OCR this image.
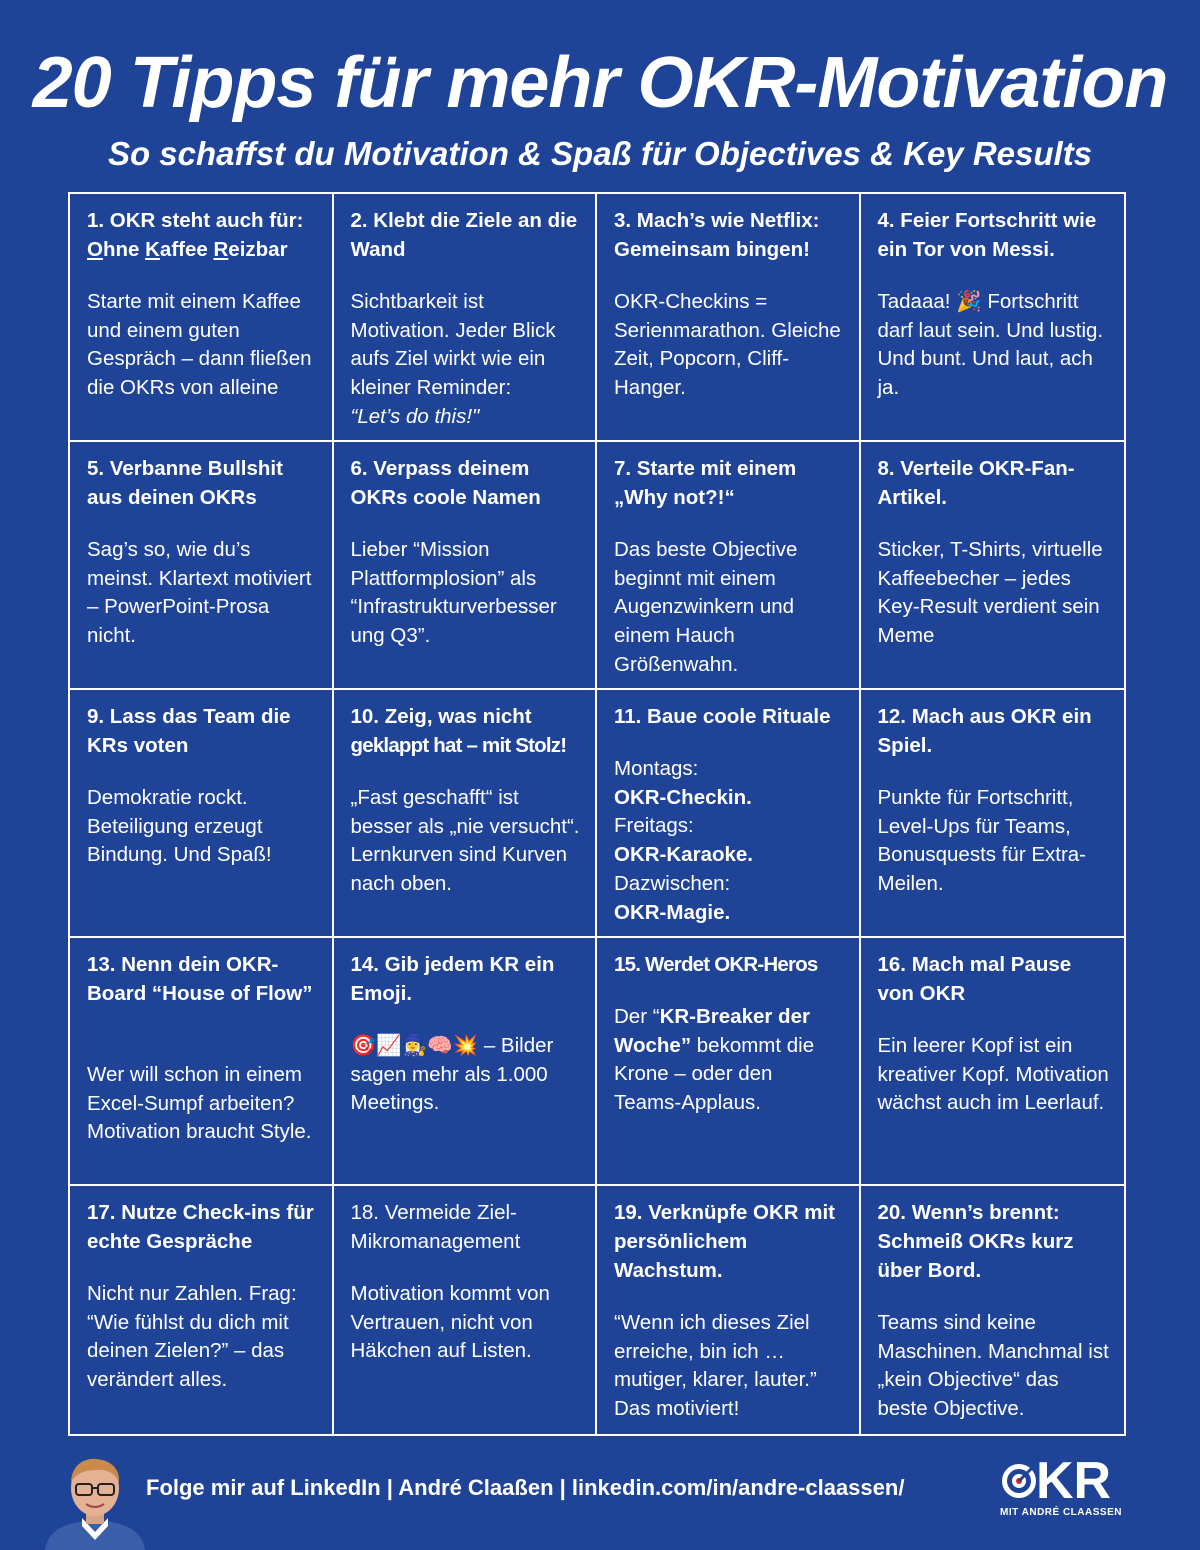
20 Tipps für mehr OKR-Motivation
So schaffst du Motivation & Spaß für Objectives & Key Results
1. OKR steht auch für:
Ohne Kaffee Reizbar
Starte mit einem Kaffee und einem guten Gespräch – dann fließen die OKRs von alleine
2. Klebt die Ziele an die Wand
Sichtbarkeit ist Motivation. Jeder Blick aufs Ziel wirkt wie ein kleiner Reminder:
“Let’s do this!"
3. Mach’s wie Netflix: Gemeinsam bingen!
OKR-Checkins = Serienmarathon. Gleiche Zeit, Popcorn, Cliff-Hanger.
4. Feier Fortschritt wie ein Tor von Messi.
Tadaaa! 🎉 Fortschritt darf laut sein. Und lustig. Und bunt. Und laut, ach ja.
5. Verbanne Bullshit aus deinen OKRs
Sag’s so, wie du’s meinst. Klartext motiviert – PowerPoint-Prosa nicht.
6. Verpass deinem OKRs coole Namen
Lieber “Mission Plattformplosion” als “Infrastrukturverbesser ung Q3”.
7. Starte mit einem „Why not?!“
Das beste Objective beginnt mit einem Augenzwinkern und einem Hauch Größenwahn.
8. Verteile OKR-Fan-Artikel.
Sticker, T-Shirts, virtuelle Kaffeebecher – jedes Key-Result verdient sein Meme
9. Lass das Team die KRs voten
Demokratie rockt. Beteiligung erzeugt Bindung. Und Spaß!
10. Zeig, was nicht
geklappt hat – mit Stolz!
„Fast geschafft“ ist besser als „nie versucht“. Lernkurven sind Kurven nach oben.
11. Baue coole Rituale
Montags:
OKR-Checkin.
Freitags:
OKR-Karaoke.
Dazwischen:
OKR-Magie.
12. Mach aus OKR ein Spiel.
Punkte für Fortschritt, Level-Ups für Teams, Bonusquests für Extra-Meilen.
13. Nenn dein OKR-Board “House of Flow”
Wer will schon in einem Excel-Sumpf arbeiten? Motivation braucht Style.
14. Gib jedem KR ein Emoji.
🎯📈🧙‍♀️🧠💥 – Bilder sagen mehr als 1.000 Meetings.
15. Werdet OKR-Heros
Der “KR-Breaker der Woche” bekommt die Krone – oder den Teams-Applaus.
16. Mach mal Pause von OKR
Ein leerer Kopf ist ein kreativer Kopf. Motivation wächst auch im Leerlauf.
17. Nutze Check-ins für echte Gespräche
Nicht nur Zahlen. Frag: “Wie fühlst du dich mit deinen Zielen?” – das verändert alles.
18. Vermeide Ziel-Mikromanagement
Motivation kommt von Vertrauen, nicht von Häkchen auf Listen.
19. Verknüpfe OKR mit persönlichem Wachstum.
“Wenn ich dieses Ziel erreiche, bin ich … mutiger, klarer, lauter.” Das motiviert!
20. Wenn’s brennt: Schmeiß OKRs kurz über Bord.
Teams sind keine Maschinen. Manchmal ist „kein Objective“ das beste Objective.
Folge mir auf LinkedIn | André Claaßen | linkedin.com/in/andre-claassen/	KR
MIT ANDRÉ CLAASSEN
